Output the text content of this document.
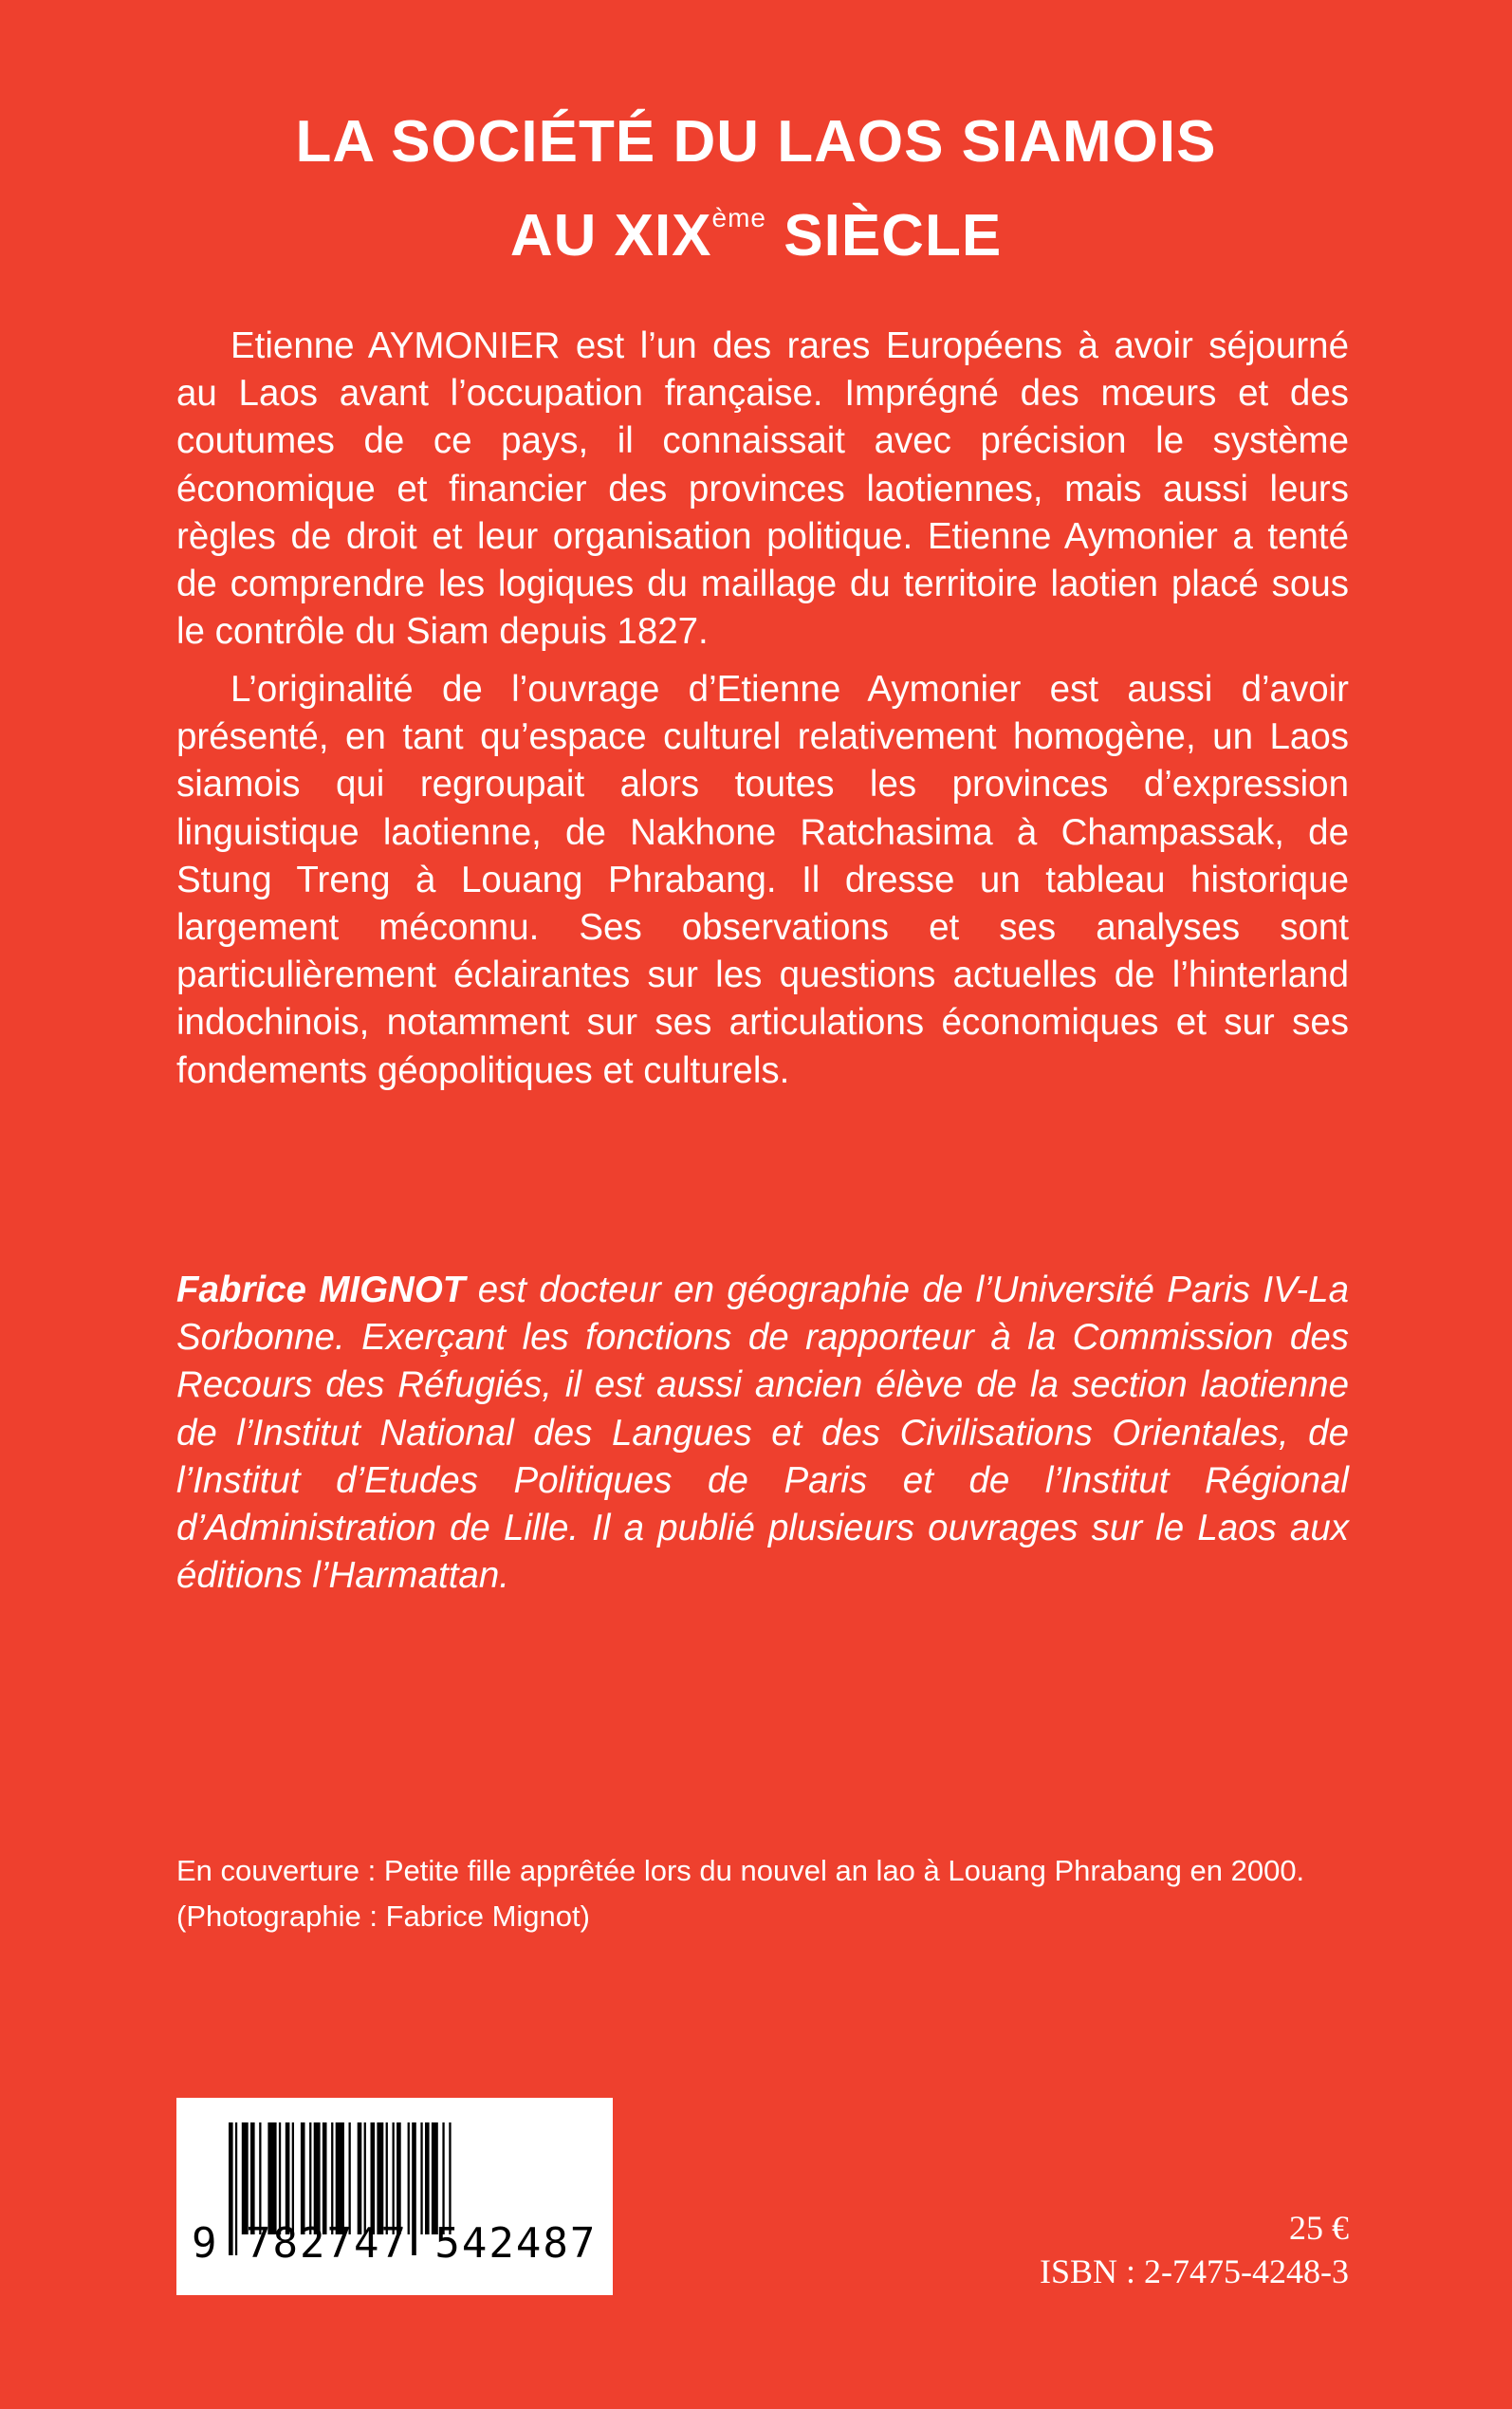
LA SOCIÉTÉ DU LAOS SIAMOIS
AU XIXème SIÈCLE

Etienne AYMONIER est l’un des rares Européens à avoir séjourné au Laos avant l’occupation française. Imprégné des mœurs et des coutumes de ce pays, il connaissait avec précision le système économique et financier des provinces laotiennes, mais aussi leurs règles de droit et leur organisation politique. Etienne Aymonier a tenté de comprendre les logiques du maillage du territoire laotien placé sous le contrôle du Siam depuis 1827.

L’originalité de l’ouvrage d’Etienne Aymonier est aussi d’avoir présenté, en tant qu’espace culturel relativement homogène, un Laos siamois qui regroupait alors toutes les provinces d’expression linguistique laotienne, de Nakhone Ratchasima à Champassak, de Stung Treng à Louang Phrabang. Il dresse un tableau historique largement méconnu. Ses observations et ses analyses sont particulièrement éclairantes sur les questions actuelles de l’hinterland indochinois, notamment sur ses articulations économiques et sur ses fondements géopolitiques et culturels.

Fabrice MIGNOT est docteur en géographie de l’Université Paris IV-La Sorbonne. Exerçant les fonctions de rapporteur à la Commission des Recours des Réfugiés, il est aussi ancien élève de la section laotienne de l’Institut National des Langues et des Civilisations Orientales, de l’Institut d’Etudes Politiques de Paris et de l’Institut Régional d’Administration de Lille. Il a publié plusieurs ouvrages sur le Laos aux éditions l’Harmattan.

En couverture : Petite fille apprêtée lors du nouvel an lao à Louang Phrabang en 2000.
(Photographie : Fabrice Mignot)
9 782747 542487	25 €
ISBN : 2-7475-4248-3
